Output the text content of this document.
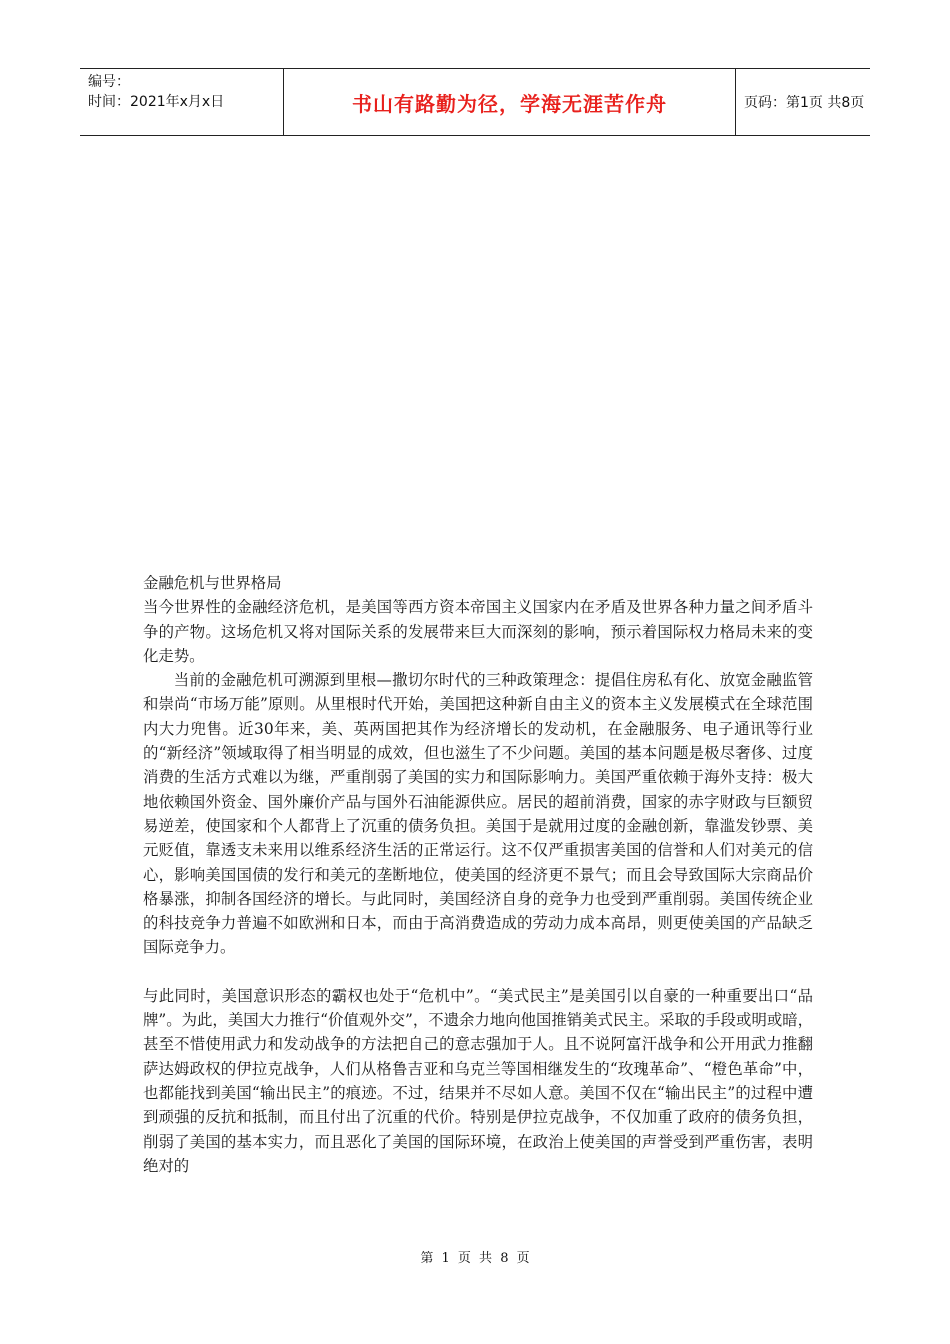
编号：
时间：2021年x月x日	书山有路勤为径，学海无涯苦作舟	页码：第1页 共8页

金融危机与世界格局

当今世界性的金融经济危机，是美国等西方资本帝国主义国家内在矛盾及世界各种力量之间矛盾斗争的产物。这场危机又将对国际关系的发展带来巨大而深刻的影响，预示着国际权力格局未来的变化走势。

当前的金融危机可溯源到里根—撒切尔时代的三种政策理念：提倡住房私有化、放宽金融监管和崇尚“市场万能”原则。从里根时代开始，美国把这种新自由主义的资本主义发展模式在全球范围内大力兜售。近30年来，美、英两国把其作为经济增长的发动机，在金融服务、电子通讯等行业的“新经济”领域取得了相当明显的成效，但也滋生了不少问题。美国的基本问题是极尽奢侈、过度消费的生活方式难以为继，严重削弱了美国的实力和国际影响力。美国严重依赖于海外支持：极大地依赖国外资金、国外廉价产品与国外石油能源供应。居民的超前消费，国家的赤字财政与巨额贸易逆差，使国家和个人都背上了沉重的债务负担。美国于是就用过度的金融创新，靠滥发钞票、美元贬值，靠透支未来用以维系经济生活的正常运行。这不仅严重损害美国的信誉和人们对美元的信心，影响美国国债的发行和美元的垄断地位，使美国的经济更不景气；而且会导致国际大宗商品价格暴涨，抑制各国经济的增长。与此同时，美国经济自身的竞争力也受到严重削弱。美国传统企业的科技竞争力普遍不如欧洲和日本，而由于高消费造成的劳动力成本高昂，则更使美国的产品缺乏国际竞争力。

与此同时，美国意识形态的霸权也处于“危机中”。“美式民主”是美国引以自豪的一种重要出口“品牌”。为此，美国大力推行“价值观外交”，不遗余力地向他国推销美式民主。采取的手段或明或暗，甚至不惜使用武力和发动战争的方法把自己的意志强加于人。且不说阿富汗战争和公开用武力推翻萨达姆政权的伊拉克战争，人们从格鲁吉亚和乌克兰等国相继发生的“玫瑰革命”、“橙色革命”中，也都能找到美国“输出民主”的痕迹。不过，结果并不尽如人意。美国不仅在“输出民主”的过程中遭到顽强的反抗和抵制，而且付出了沉重的代价。特别是伊拉克战争，不仅加重了政府的债务负担，削弱了美国的基本实力，而且恶化了美国的国际环境，在政治上使美国的声誉受到严重伤害，表明绝对的

第 1 页 共 8 页
